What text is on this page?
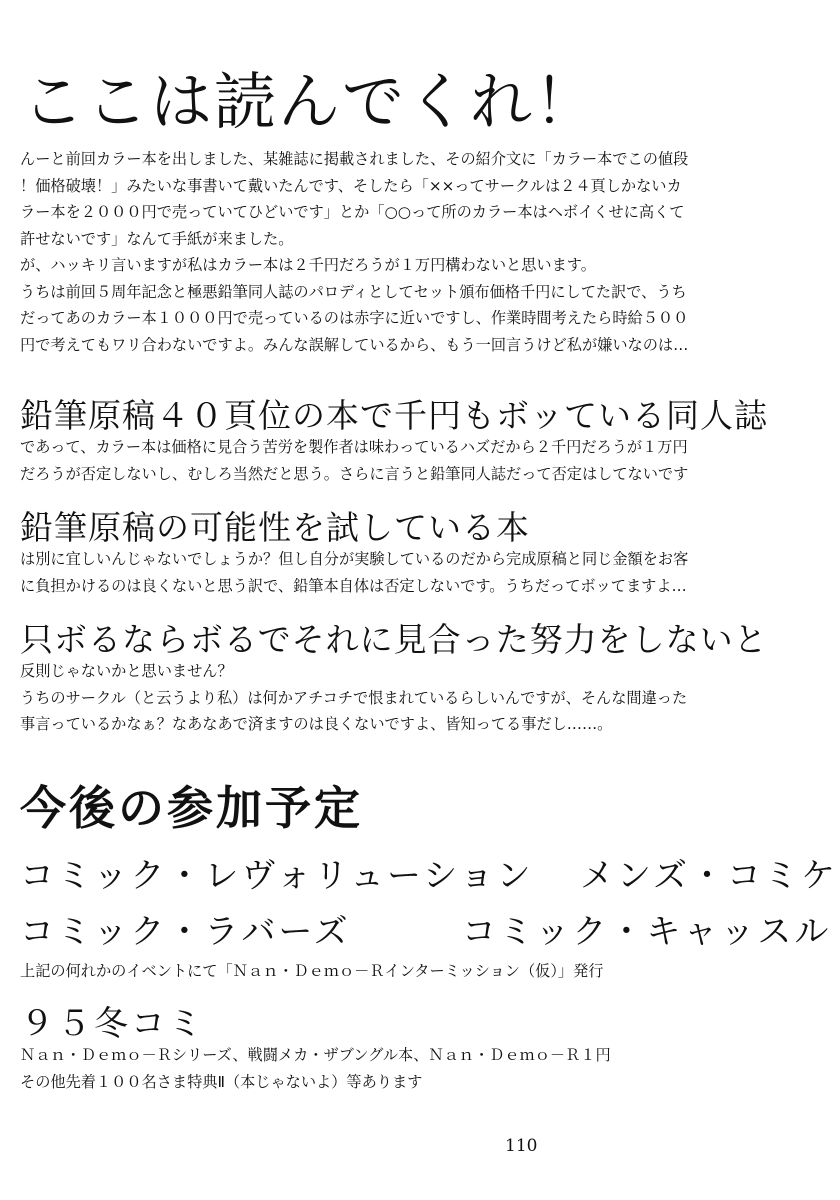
ここは読んでくれ！
んーと前回カラー本を出しました、某雑誌に掲載されました、その紹介文に「カラー本でこの値段
！価格破壊！」みたいな事書いて戴いたんです、そしたら「××ってサークルは２４頁しかないカ
ラー本を２０００円で売っていてひどいです」とか「○○って所のカラー本はヘボイくせに高くて
許せないです」なんて手紙が来ました。
が、ハッキリ言いますが私はカラー本は２千円だろうが１万円構わないと思います。
うちは前回５周年記念と極悪鉛筆同人誌のパロディとしてセット頒布価格千円にしてた訳で、うち
だってあのカラー本１０００円で売っているのは赤字に近いですし、作業時間考えたら時給５００
円で考えてもワリ合わないですよ。みんな誤解しているから、もう一回言うけど私が嫌いなのは…
鉛筆原稿４０頁位の本で千円もボッている同人誌
であって、カラー本は価格に見合う苦労を製作者は味わっているハズだから２千円だろうが１万円
だろうが否定しないし、むしろ当然だと思う。さらに言うと鉛筆同人誌だって否定はしてないです
鉛筆原稿の可能性を試している本
は別に宜しいんじゃないでしょうか？但し自分が実験しているのだから完成原稿と同じ金額をお客
に負担かけるのは良くないと思う訳で、鉛筆本自体は否定しないです。うちだってボッてますよ…
只ボるならボるでそれに見合った努力をしないと
反則じゃないかと思いません？
うちのサークル（と云うより私）は何かアチコチで恨まれているらしいんですが、そんな間違った
事言っているかなぁ？なあなあで済ますのは良くないですよ、皆知ってる事だし……。
今後の参加予定
コミック・レヴォリューション メンズ・コミケ
コミック・ラバーズ	コミック・キャッスル
上記の何れかのイベントにて「Ｎａｎ・Ｄｅｍｏ－Ｒインターミッション（仮）」発行
９５冬コミ
Ｎａｎ・Ｄｅｍｏ－Ｒシリーズ、戦闘メカ・ザブングル本、Ｎａｎ・Ｄｅｍｏ－Ｒ１円
その他先着１００名さま特典Ⅱ（本じゃないよ）等あります
110
